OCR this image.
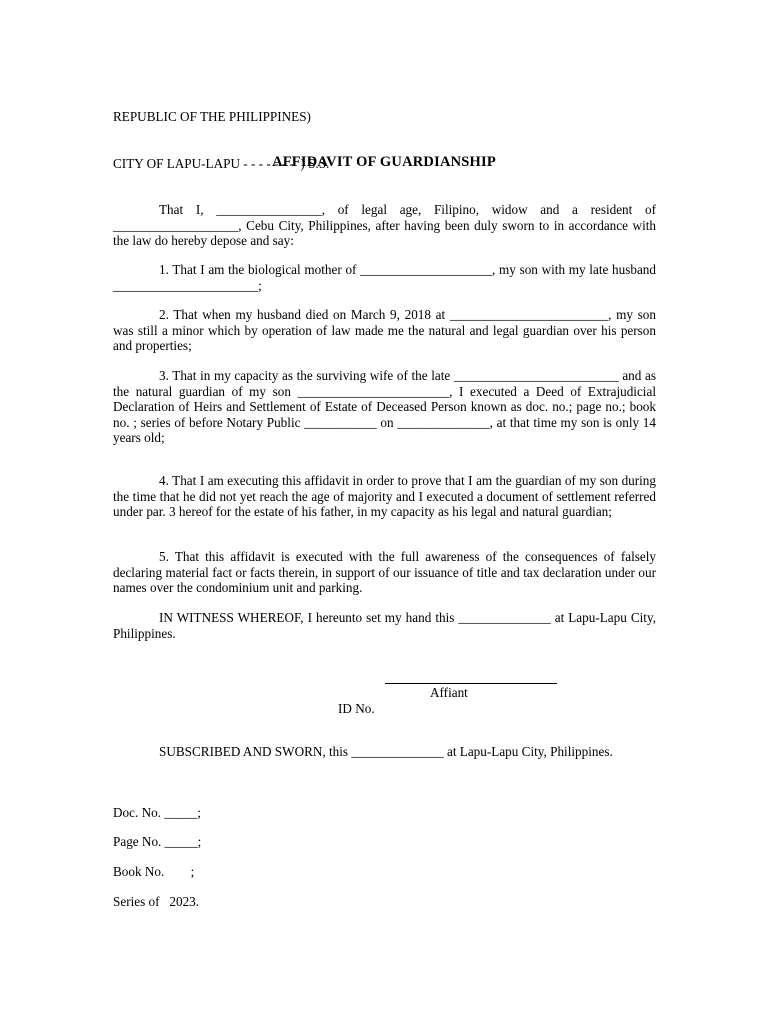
REPUBLIC OF THE PHILIPPINES)

CITY OF LAPU-LAPU - - - - - - -  ) S.S.

AFFIDAVIT OF GUARDIANSHIP

That I, ________________, of legal age, Filipino, widow and a resident of ___________________, Cebu City, Philippines, after having been duly sworn to in accordance with the law do hereby depose and say:

1. That I am the biological mother of ____________________, my son with my late husband ______________________;

2. That when my husband died on March 9, 2018 at ________________________, my son was still a minor which by operation of law made me the natural and legal guardian over his person and properties;

3. That in my capacity as the surviving wife of the late _________________________ and as the natural guardian of my son _______________________, I executed a Deed of Extrajudicial Declaration of Heirs and Settlement of Estate of Deceased Person known as doc. no.; page no.; book no. ; series of before Notary Public ___________ on ______________, at that time my son is only 14 years old;

4. That I am executing this affidavit in order to prove that I am the guardian of my son during the time that he did not yet reach the age of majority and I executed a document of settlement referred under par. 3 hereof for the estate of his father, in my capacity as his legal and natural guardian;

5. That this affidavit is executed with the full awareness of the consequences of falsely declaring material fact or facts therein, in support of our issuance of title and tax declaration under our names over the condominium unit and parking.

IN WITNESS WHEREOF, I hereunto set my hand this ______________ at Lapu-Lapu City, Philippines.

Affiant
ID No.

SUBSCRIBED AND SWORN, this ______________ at Lapu-Lapu City, Philippines.

Doc. No. _____;
Page No. _____;
Book No.        ;
Series of   2023.
